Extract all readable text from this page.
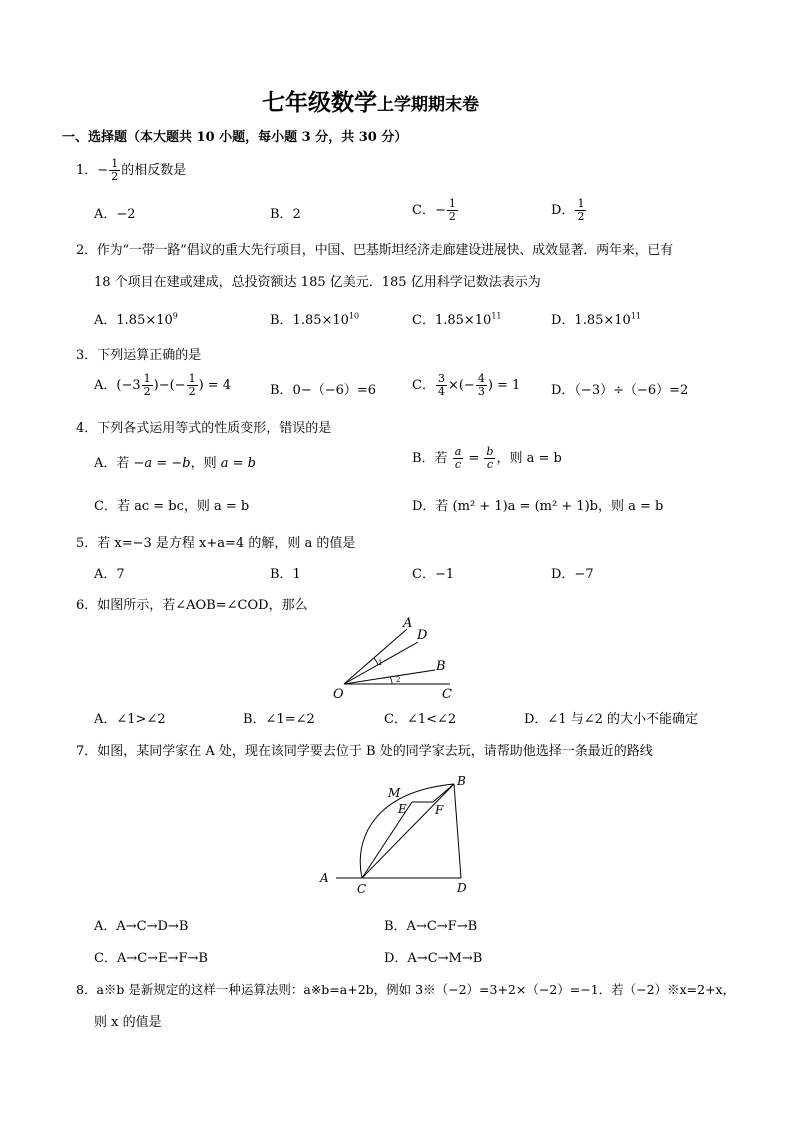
七年级数学上学期期末卷
一、选择题（本大题共 10 小题，每小题 3 分，共 30 分）
1．− $\frac{1}{2}$ 的相反数是
A．−2	B．2	C．− $\frac{1}{2}$	D． $\frac{1}{2}$
2．作为“一带一路”倡议的重大先行项目，中国、巴基斯坦经济走廊建设进展快、成效显著．两年来，已有
18 个项目在建或建成，总投资额达 185 亿美元．185 亿用科学记数法表示为
A．$1.85\times 10^9$	B．$1.85\times 10^{10}$	C．$1.85\times 10^{11}$	D．$1.85\times 10^{11}$
3．下列运算正确的是
A．($-3 \frac{1}{2}$ )−(− $\frac{1}{2}$ ) = 4	B．0−（−6）=6	C． $\frac{3}{4}$ ×(− $\frac{4}{3}$ ) = 1 D．（−3）÷（−6）=2
4．下列各式运用等式的性质变形，错误的是
A．若 −a = −b，则 a = b	B．若 $\frac{a}{c} = \frac{b}{c}$ ，则 a = b
C．若 ac = bc，则 a = b	D．若 (m² + 1)a = (m² + 1)b，则 a = b
5．若 x=−3 是方程 x+a=4 的解，则 a 的值是
A．7	B．1	C．−1	D．−7
6．如图所示，若∠AOB=∠COD，那么
A
D
B
O	C
1
2
A．∠1>∠2	B．∠1=∠2	C．∠1<∠2	D．∠1 与∠2 的大小不能确定
7．如图，某同学家在 A 处，现在该同学要去位于 B 处的同学家去玩，请帮助他选择一条最近的路线
M
B
E F
A
C	D
A．A→C→D→B	B．A→C→F→B
C．A→C→E→F→B	D．A→C→M→B
8．a※b 是新规定的这样一种运算法则：a※b=a+2b，例如 3※（−2）=3+2×（−2）=−1．若（−2）※x=2+x，
则 x 的值是
